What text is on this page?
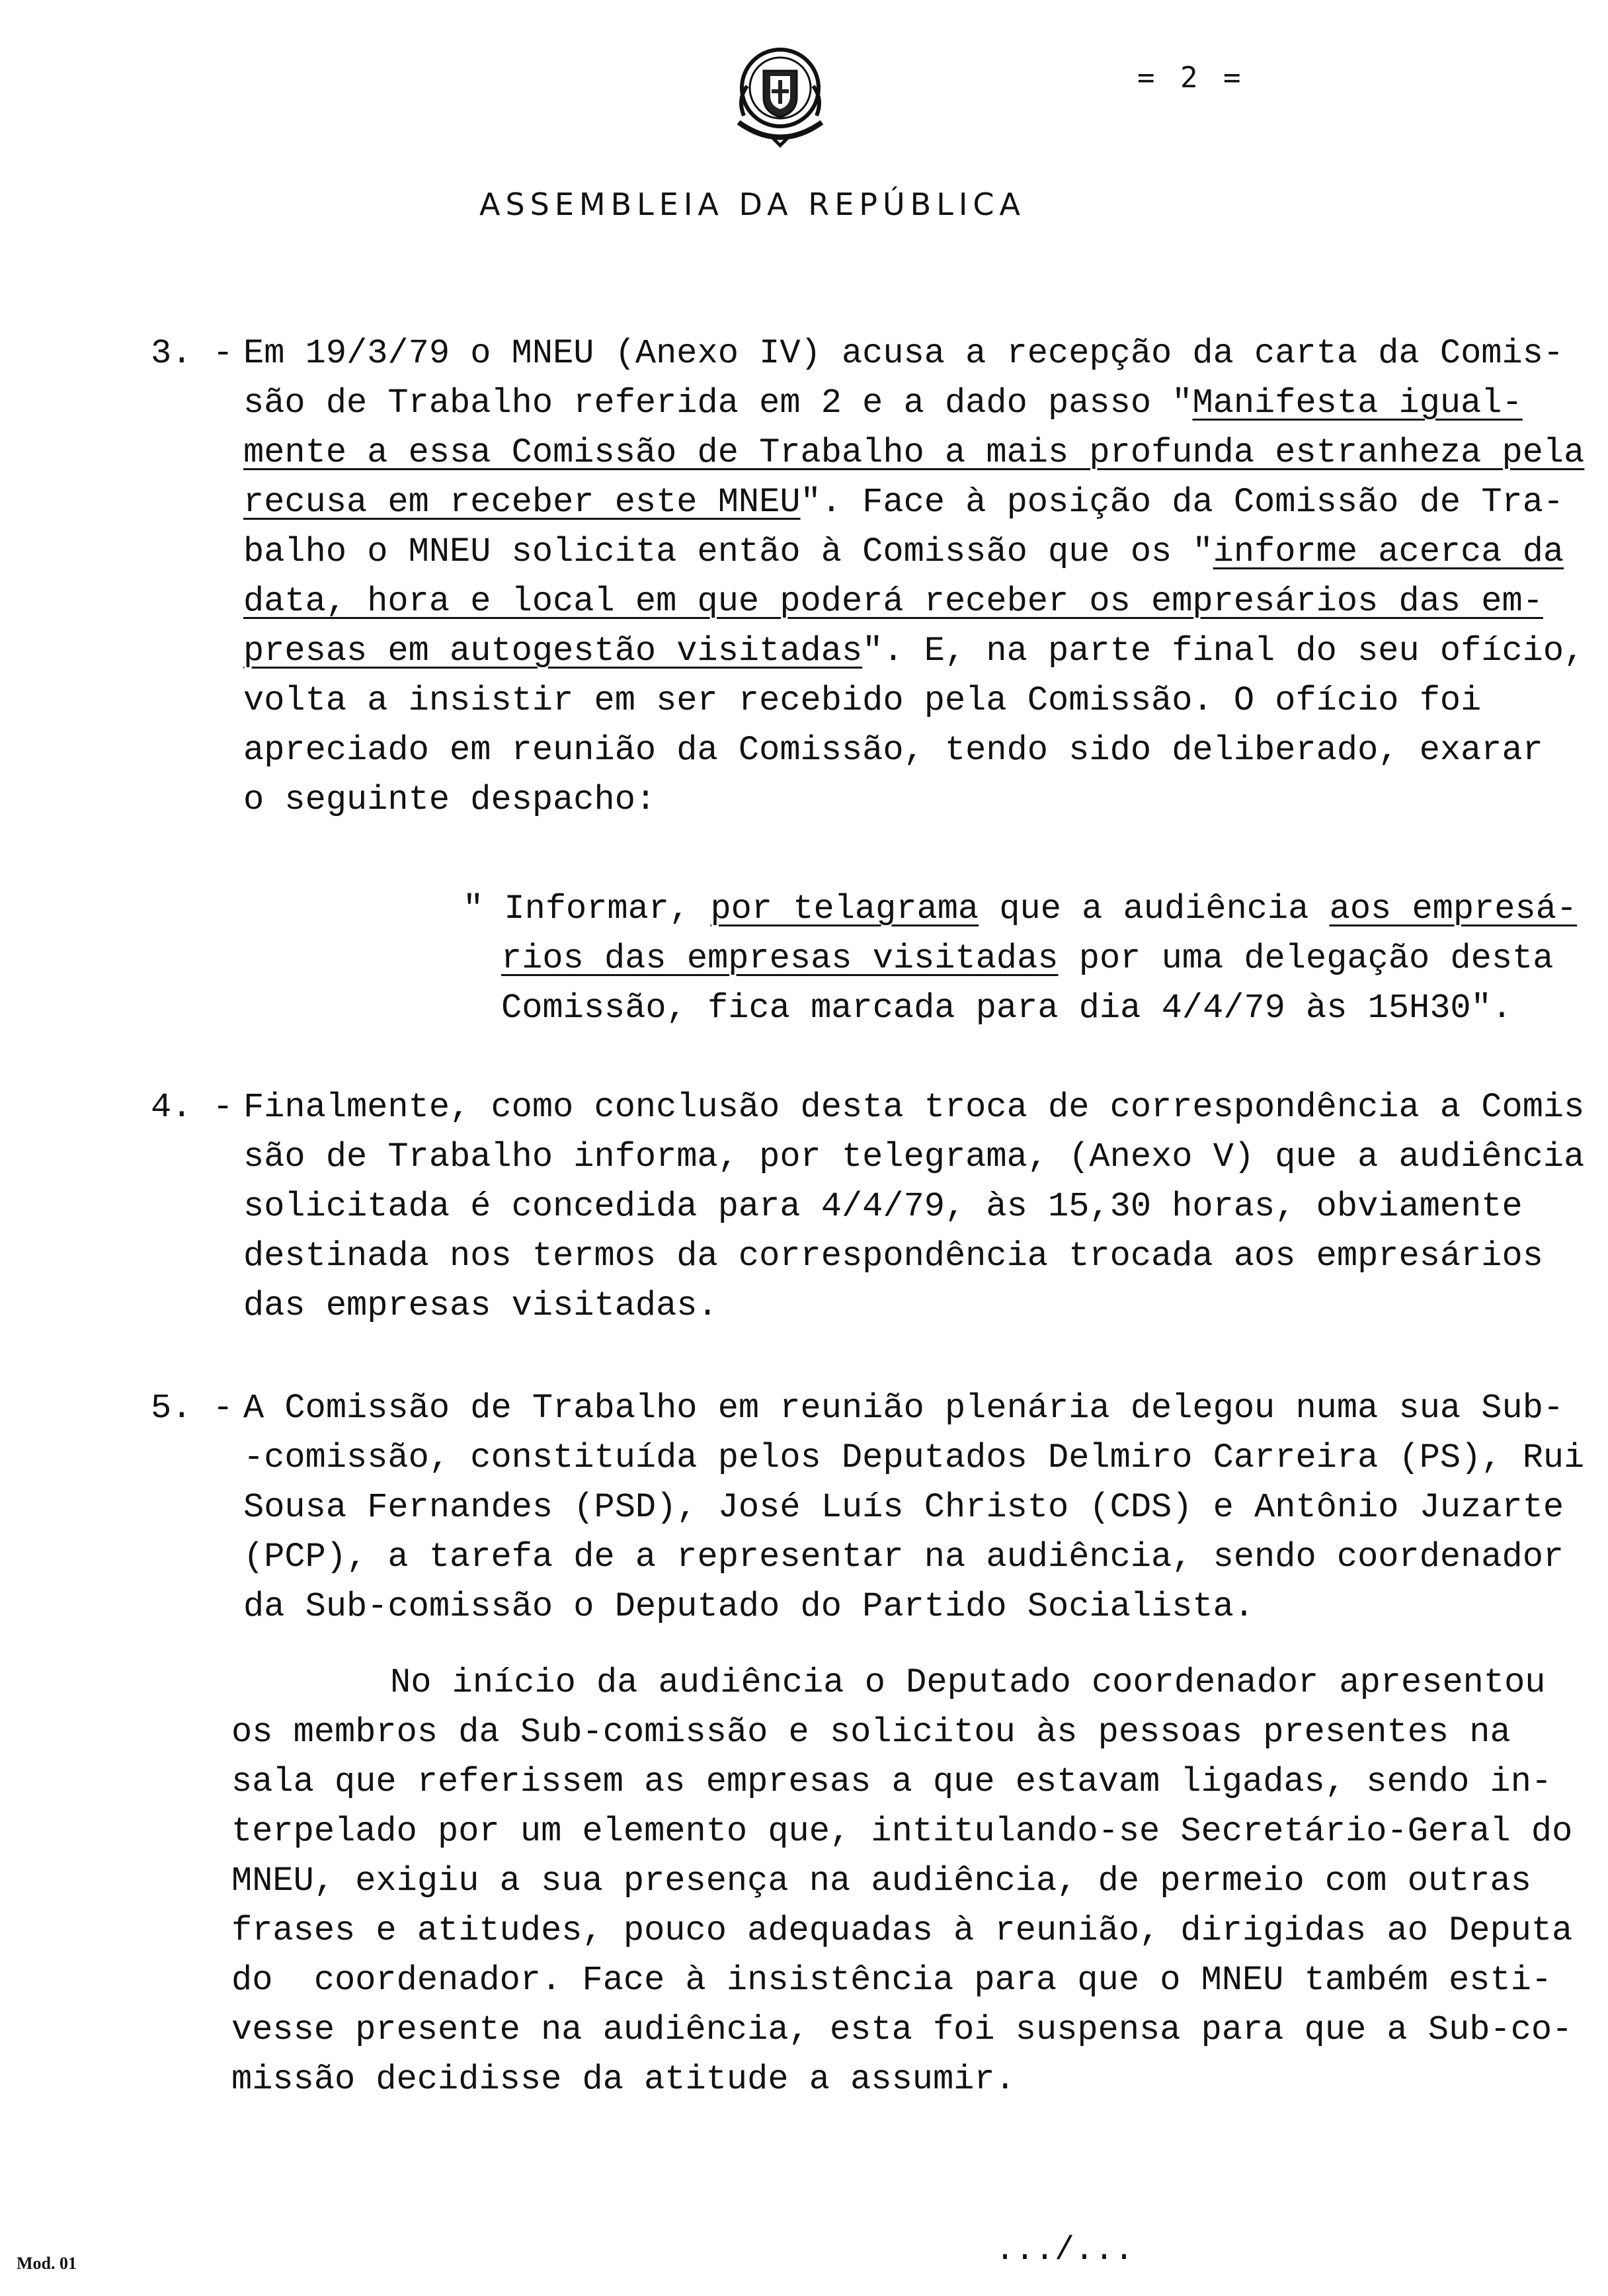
= 2 =
ASSEMBLEIA DA REPÚBLICA
3. - Em 19/3/79 o MNEU (Anexo IV) acusa a recepção da carta da Comis-
são de Trabalho referida em 2 e a dado passo "Manifesta igual-
mente a essa Comissão de Trabalho a mais profunda estranheza pela
recusa em receber este MNEU". Face à posição da Comissão de Tra-
balho o MNEU solicita então à Comissão que os "informe acerca da
data, hora e local em que poderá receber os empresários das em-
presas em autogestão visitadas". E, na parte final do seu ofício,
volta a insistir em ser recebido pela Comissão. O ofício foi
apreciado em reunião da Comissão, tendo sido deliberado, exarar
o seguinte despacho:
" Informar, por telagrama que a audiência aos empresá-
rios das empresas visitadas por uma delegação desta
Comissão, fica marcada para dia 4/4/79 às 15H30".
4. - Finalmente, como conclusão desta troca de correspondência a Comis
são de Trabalho informa, por telegrama, (Anexo V) que a audiência
solicitada é concedida para 4/4/79, às 15,30 horas, obviamente
destinada nos termos da correspondência trocada aos empresários
das empresas visitadas.
5. - A Comissão de Trabalho em reunião plenária delegou numa sua Sub-
-comissão, constituída pelos Deputados Delmiro Carreira (PS), Rui
Sousa Fernandes (PSD), José Luís Christo (CDS) e Antônio Juzarte
(PCP), a tarefa de a representar na audiência, sendo coordenador
da Sub-comissão o Deputado do Partido Socialista.
No início da audiência o Deputado coordenador apresentou
os membros da Sub-comissão e solicitou às pessoas presentes na
sala que referissem as empresas a que estavam ligadas, sendo in-
terpelado por um elemento que, intitulando-se Secretário-Geral do
MNEU, exigiu a sua presença na audiência, de permeio com outras
frases e atitudes, pouco adequadas à reunião, dirigidas ao Deputa
do  coordenador. Face à insistência para que o MNEU também esti-
vesse presente na audiência, esta foi suspensa para que a Sub-co-
missão decidisse da atitude a assumir.
Mod. 01	.../...
